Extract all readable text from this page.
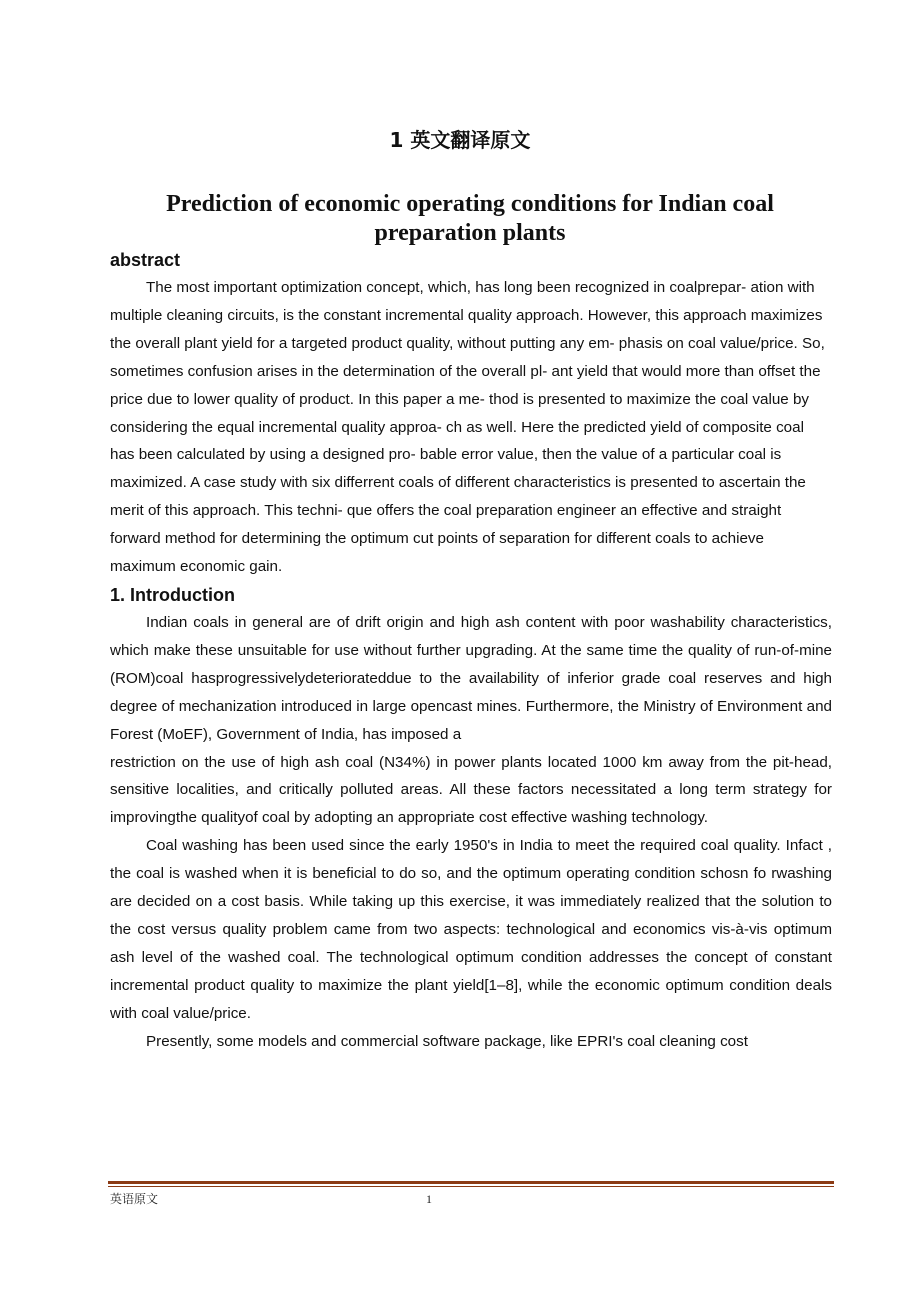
1 英文翻译原文
Prediction of economic operating conditions for Indian coal preparation plants
abstract

The most important optimization concept, which, has long been recognized in coalprepar- ation with multiple cleaning circuits, is the constant incremental quality approach. However, this approach maximizes the overall plant yield for a targeted product quality, without putting any em- phasis on coal value/price. So, sometimes confusion arises in the determination of the overall pl- ant yield that would more than offset the price due to lower quality of product. In this paper a me- thod is presented to maximize the coal value by considering the equal incremental quality approa- ch as well. Here the predicted yield of composite coal has been calculated by using a designed pro- bable error value, then the value of a particular coal is maximized. A case study with six differrent coals of different characteristics is presented to ascertain the merit of this approach. This techni- que offers the coal preparation engineer an effective and straight forward method for determining the optimum cut points of separation for different coals to achieve maximum economic gain.

1. Introduction

Indian coals in general are of drift origin and high ash content with poor washability characteristics, which make these unsuitable for use without further upgrading. At the same time the quality of run-of-mine (ROM)coal hasprogressivelydeteriorateddue to the availability of inferior grade coal reserves and high degree of mechanization introduced in large opencast mines. Furthermore, the Ministry of Environment and Forest (MoEF), Government of India, has imposed a

restriction on the use of high ash coal (N34%) in power plants located 1000 km away from the pit-head, sensitive localities, and critically polluted areas. All these factors necessitated a long term strategy for improvingthe qualityof coal by adopting an appropriate cost effective washing technology.

Coal washing has been used since the early 1950's in India to meet the required coal quality. Infact , the coal is washed when it is beneficial to do so, and the optimum operating condition schosn fo rwashing are decided on a cost basis. While taking up this exercise, it was immediately realized that the solution to the cost versus quality problem came from two aspects: technological and economics vis-à-vis optimum ash level of the washed coal. The technological optimum condition addresses the concept of constant incremental product quality to maximize the plant yield[1–8], while the economic optimum condition deals with coal value/price.

Presently, some models and commercial software package, like EPRI's coal cleaning cost

英语原文	1
